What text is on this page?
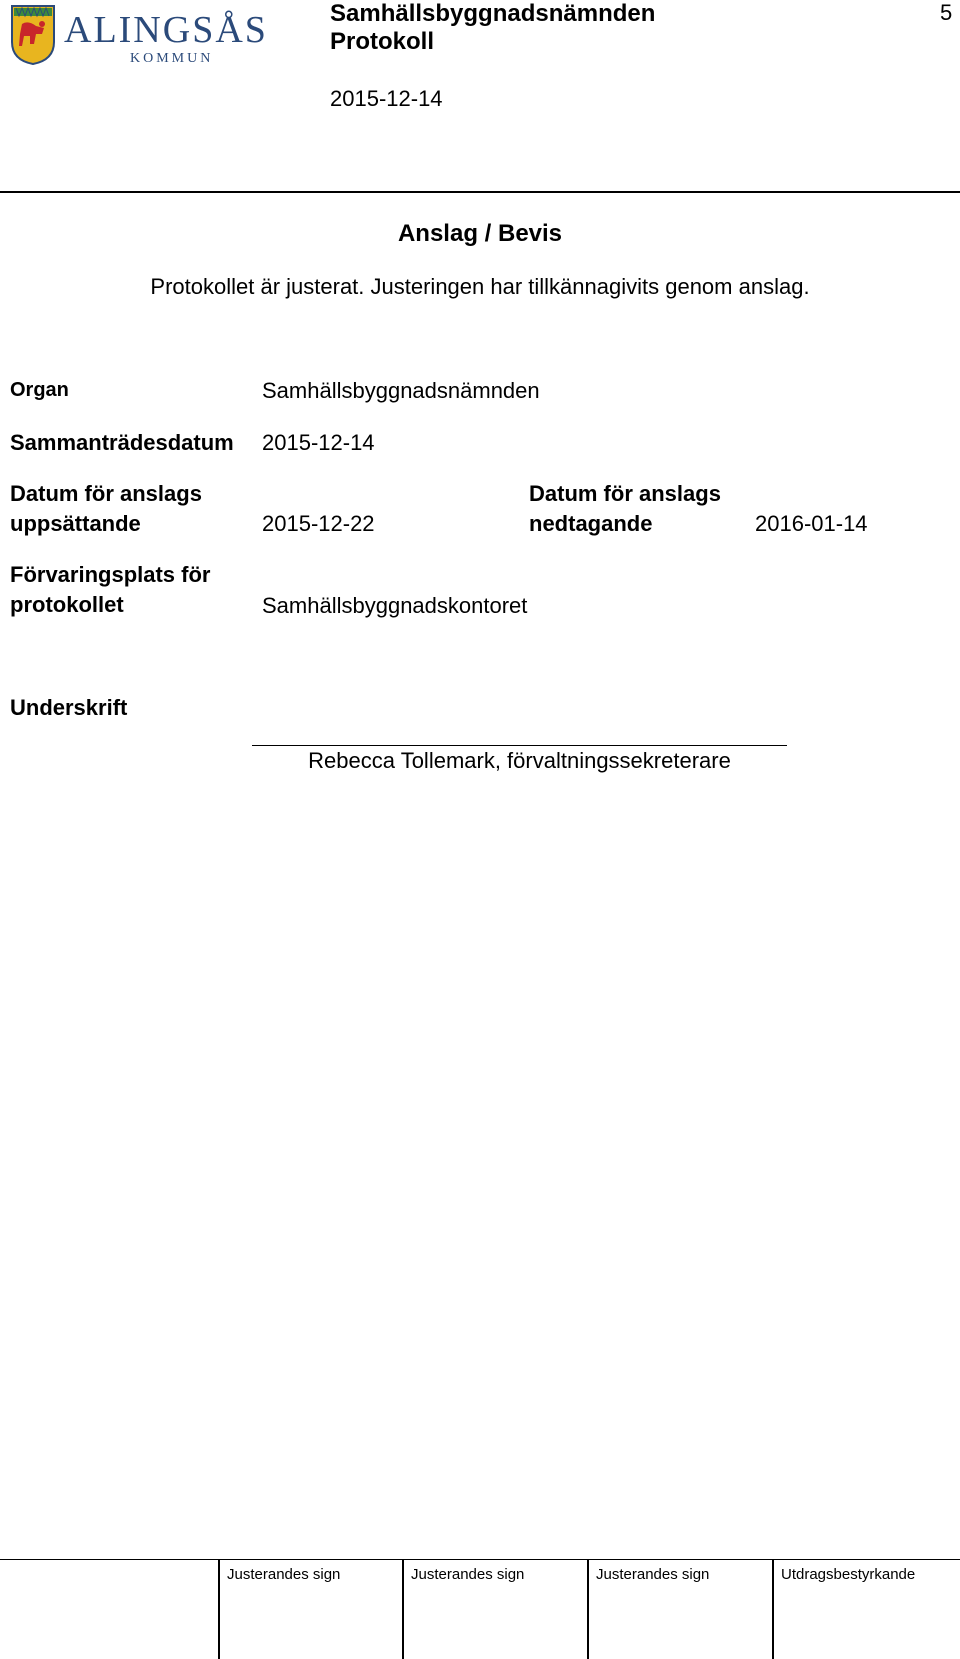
ALINGSÅS
KOMMUN
Samhällsbyggnadsnämnden
Protokoll
2015-12-14
5
Anslag / Bevis
Protokollet är justerat. Justeringen har tillkännagivits genom anslag.
Organ	Samhällsbyggnadsnämnden
Sammanträdesdatum 2015-12-14
Datum för anslags
uppsättande	2015-12-22
Datum för anslags
nedtagande	2016-01-14
Förvaringsplats för
protokollet	Samhällsbyggnadskontoret
Underskrift
Rebecca Tollemark, förvaltningssekreterare
Justerandes sign	Justerandes sign	Justerandes sign	Utdragsbestyrkande
